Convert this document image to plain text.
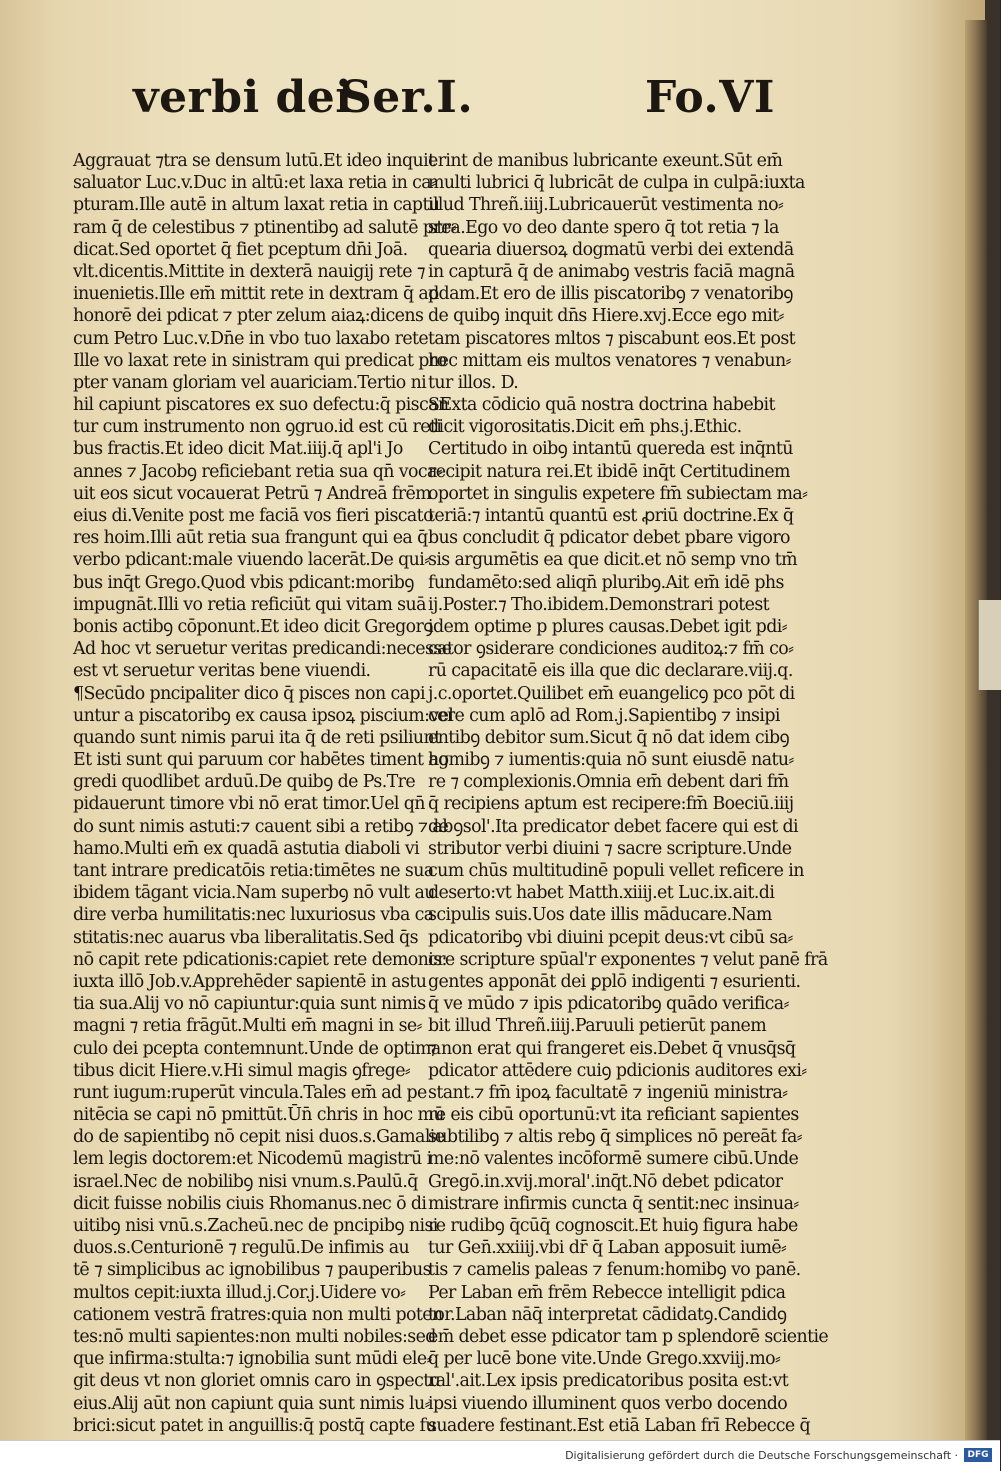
verbi dei
Ser.I.	Fo.VI
Aggrauat ⁊tra se densum lutū.Et ideo inquit
saluator Luc.v.Duc in altū:et laxa retia in ca⸗
pturam.Ille autē in altum laxat retia in captu
ram q̄ de celestibus ⁊ ptinentibꝯ ad salutē pre⸗
dicat.Sed oportet q̄ fiet pceptum dn̄i Joā.
vlt.dicentis.Mittite in dexterā nauigij rete ⁊
inuenietis.Ille em̄ mittit rete in dextram q̄ ad
honorē dei pdicat ⁊ pter zelum aiaꝝ:dicens
cum Petro Luc.v.Dn̄e in vbo tuo laxabo rete
Ille vo laxat rete in sinistram qui predicat pro
pter vanam gloriam vel auariciam.Tertio ni
hil capiunt piscatores ex suo defectu:q̄ piscan
tur cum instrumento non ꝯgruo.id est cū reti
bus fractis.Et ideo dicit Mat.iiij.q̄ apl'i Jo
annes ⁊ Jacobꝯ reficiebant retia sua qn̄ voca⸗
uit eos sicut vocauerat Petrū ⁊ Andreā frēm
eius di.Venite post me faciā vos fieri piscato
res hoim.Illi aūt retia sua frangunt qui ea q̄
verbo pdicant:male viuendo lacerāt.De qui⸗
bus inq̄t Grego.Quod vbis pdicant:moribꝯ
impugnāt.Illi vo retia reficiūt qui vitam suā
bonis actibꝯ cōponunt.Et ideo dicit Gregorꝯ
Ad hoc vt seruetur veritas predicandi:necesse
est vt seruetur veritas bene viuendi.
¶Secūdo pncipaliter dico q̄ pisces non capi
untur a piscatoribꝯ ex causa ipsoꝝ piscium:vel
quando sunt nimis parui ita q̄ de reti psiliunt
Et isti sunt qui paruum cor habētes timent ag
gredi quodlibet arduū.De quibꝯ de Ps.Tre
pidauerunt timore vbi nō erat timor.Uel qn̄
do sunt nimis astuti:⁊ cauent sibi a retibꝯ ⁊ ab
hamo.Multi em̄ ex quadā astutia diaboli vi
tant intrare predicatōis retia:timētes ne sua
ibidem tāgant vicia.Nam superbꝯ nō vult au
dire verba humilitatis:nec luxuriosus vba ca
stitatis:nec auarus vba liberalitatis.Sed q̄s
nō capit rete pdicationis:capiet rete demonis:
iuxta illō Job.v.Apprehēder sapientē in astu
tia sua.Alij vo nō capiuntur:quia sunt nimis
magni ⁊ retia frāgūt.Multi em̄ magni in se⸗
culo dei pcepta contemnunt.Unde de optima
tibus dicit Hiere.v.Hi simul magis ꝯfrege⸗
runt iugum:ruperūt vincula.Tales em̄ ad pe
nitēcia se capi nō pmittūt.Ūn̄ chris in hoc mū
do de sapientibꝯ nō cepit nisi duos.s.Gamalie
lem legis doctorem:et Nicodemū magistrū i
israel.Nec de nobilibꝯ nisi vnum.s.Paulū.q̄
dicit fuisse nobilis ciuis Rhomanus.nec ō di
uitibꝯ nisi vnū.s.Zacheū.nec de pncipibꝯ nisi
duos.s.Centurionē ⁊ regulū.De infimis au
tē ⁊ simplicibus ac ignobilibus ⁊ pauperibus
multos cepit:iuxta illud.j.Cor.j.Uidere vo⸗
cationem vestrā fratres:quia non multi poten
tes:nō multi sapientes:non multi nobiles:sed
que infirma:stulta:⁊ ignobilia sunt mūdi ele⸗
git deus vt non gloriet omnis caro in ꝯspectu
eius.Alij aūt non capiunt quia sunt nimis lu⸗
brici:sicut patet in anguillis:q̄ postq̄ capte fu
erint de manibus lubricante exeunt.Sūt em̄
multi lubrici q̄ lubricāt de culpa in culpā:iuxta
illud Threñ.iiij.Lubricauerūt vestimenta no⸗
stra.Ego vo deo dante spero q̄ tot retia ⁊ la
quearia diuersoꝝ dogmatū verbi dei extendā
in capturā q̄ de animabꝯ vestris faciā magnā
pdam.Et ero de illis piscatoribꝯ ⁊ venatoribꝯ
de quibꝯ inquit dn̄s Hiere.xvj.Ecce ego mit⸗
tam piscatores mltos ⁊ piscabunt eos.Et post
hec mittam eis multos venatores ⁊ venabun⸗
tur illos. D.
SExta cōdicio quā nostra doctrina habebit
dicit vigorositatis.Dicit em̄ phs.j.Ethic.
Certitudo in oibꝯ intantū quereda est inq̄ntū
recipit natura rei.Et ibidē inq̄t Certitudinem
oportet in singulis expetere fm̄ subiectam ma⸗
teriā:⁊ intantū quantū est ꝓriū doctrine.Ex q̄
bus concludit q̄ pdicator debet pbare vigoro
sis argumētis ea que dicit.et nō semp vno tm̄
fundamēto:sed aliqn̄ pluribꝯ.Ait em̄ idē phs
ij.Poster.⁊ Tho.ibidem.Demonstrari potest
idem optime p plures causas.Debet igit pdi⸗
cator ꝯsiderare condiciones auditoꝝ:⁊ fm̄ co⸗
rū capacitatē eis illa que dic declarare.viij.q.
j.c.oportet.Quilibet em̄ euangelicꝯ pco pōt di
cere cum aplō ad Rom.j.Sapientibꝯ ⁊ insipi
entibꝯ debitor sum.Sicut q̄ nō dat idem cibꝯ
homibꝯ ⁊ iumentis:quia nō sunt eiusdē natu⸗
re ⁊ complexionis.Omnia em̄ debent dari fm̄
q̄ recipiens aptum est recipere:fm̄ Boeciū.iiij
de ꝯsol'.Ita predicator debet facere qui est di
stributor verbi diuini ⁊ sacre scripture.Unde
cum chūs multitudinē populi vellet reficere in
deserto:vt habet Matth.xiiij.et Luc.ix.ait.di
scipulis suis.Uos date illis māducare.Nam
pdicatoribꝯ vbi diuini pcepit deus:vt cibū sa⸗
cre scripture spūal'r exponentes ⁊ velut panē frā
gentes apponāt dei ꝑplō indigenti ⁊ esurienti.
q̄ ve mūdo ⁊ ipis pdicatoribꝯ quādo verifica⸗
bit illud Threñ.iiij.Paruuli petierūt panem
⁊ non erat qui frangeret eis.Debet q̄ vnusq̄sq̄
pdicator attēdere cuiꝯ pdicionis auditores exi⸗
stant.⁊ fm̄ ipoꝝ facultatē ⁊ ingeniū ministra⸗
re eis cibū oportunū:vt ita reficiant sapientes
subtilibꝯ ⁊ altis rebꝯ q̄ simplices nō pereāt fa⸗
me:nō valentes incōformē sumere cibū.Unde
Gregō.in.xvij.moral'.inq̄t.Nō debet pdicator
mistrare infirmis cuncta q̄ sentit:nec insinua⸗
re rudibꝯ q̄cūq̄ cognoscit.Et huiꝯ figura habe
tur Gen̄.xxiiij.vbi dr̄ q̄ Laban apposuit iumē⸗
tis ⁊ camelis paleas ⁊ fenum:homibꝯ vo panē.
Per Laban em̄ frēm Rebecce intelligit pdica
tor.Laban nāq̄ interpretat cādidatꝯ.Candidꝯ
em̄ debet esse pdicator tam p splendorē scientie
q̄ per lucē bone vite.Unde Grego.xxviij.mo⸗
ral'.ait.Lex ipsis predicatoribus posita est:vt
ipsi viuendo illuminent quos verbo docendo
suadere festinant.Est etiā Laban frī Rebecce q̄
Digitalisierung gefördert durch die Deutsche Forschungsgemeinschaft ·	DFG
